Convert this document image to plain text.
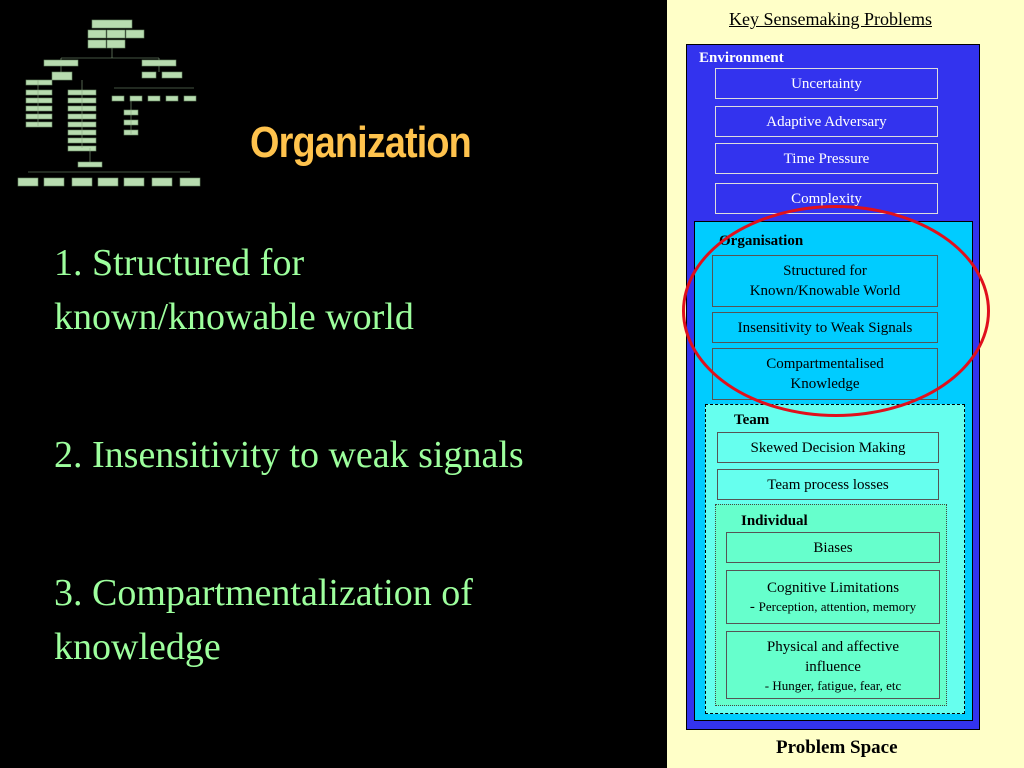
Organization
1. Structured for known/knowable world
2. Insensitivity to weak signals
3. Compartmentalization of knowledge
Key Sensemaking Problems
Environment
Uncertainty
Adaptive Adversary
Time Pressure
Complexity
Organisation
Structured for
Known/Knowable World
Insensitivity to Weak Signals
Compartmentalised
Knowledge
Team
Skewed Decision Making
Team process losses
Individual
Biases
Cognitive Limitations
- Perception, attention, memory
Physical and affective
influence
- Hunger, fatigue, fear, etc
Problem Space
